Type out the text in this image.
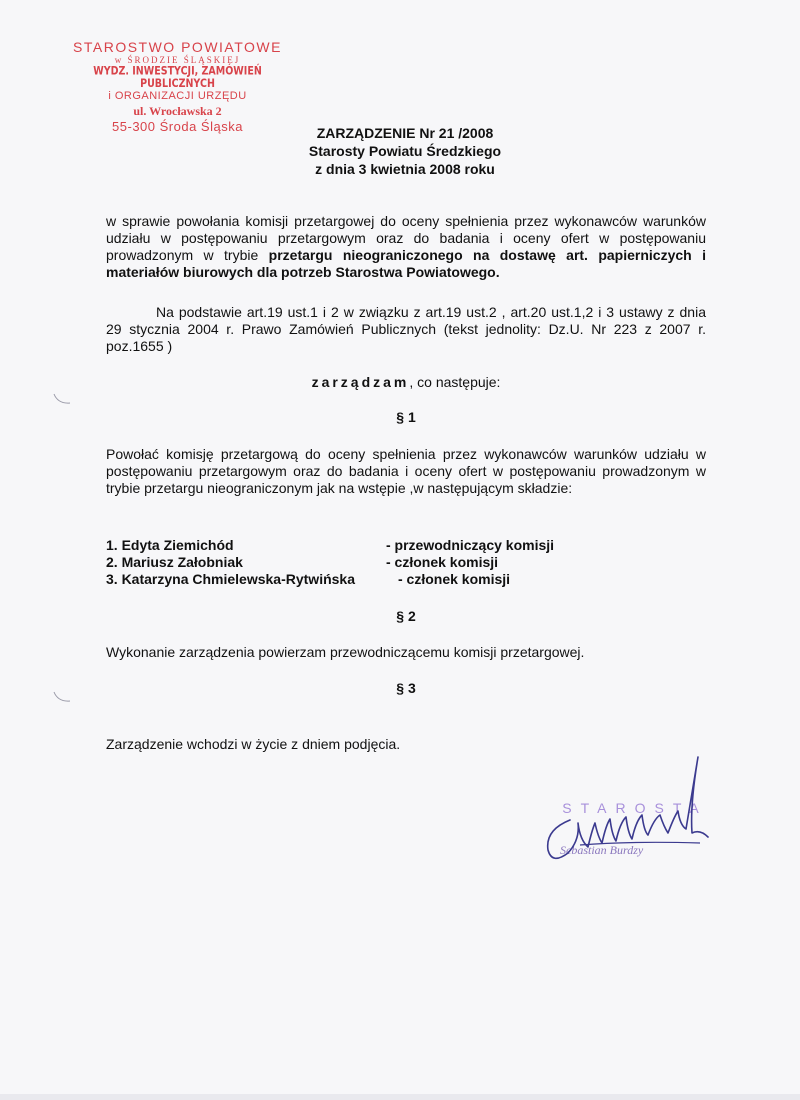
STAROSTWO POWIATOWE
w ŚRODZIE ŚLĄSKIEJ
WYDZ. INWESTYCJI, ZAMÓWIEŃ PUBLICZNYCH
i ORGANIZACJI URZĘDU
ul. Wrocławska 2
55-300 Środa Śląska	ZARZĄDZENIE Nr 21 /2008
Starosty Powiatu Średzkiego
z dnia 3 kwietnia 2008 roku
w sprawie powołania komisji przetargowej do oceny spełnienia przez wykonawców warunków udziału w postępowaniu przetargowym oraz do badania i oceny ofert w postępowaniu prowadzonym w trybie przetargu nieograniczonego na dostawę art. papierniczych i materiałów biurowych dla potrzeb Starostwa Powiatowego.
Na podstawie art.19 ust.1 i 2 w związku z art.19 ust.2 , art.20 ust.1,2 i 3 ustawy z dnia 29 stycznia 2004 r. Prawo Zamówień Publicznych (tekst jednolity: Dz.U. Nr 223 z 2007 r. poz.1655 )
zarządzam, co następuje:
§ 1
Powołać komisję przetargową do oceny spełnienia przez wykonawców warunków udziału w postępowaniu przetargowym oraz do badania i oceny ofert w postępowaniu prowadzonym w trybie przetargu nieograniczonym jak na wstępie ,w następującym składzie:
1. Edyta Ziemichód	- przewodniczący komisji
2. Mariusz Załobniak	- członek komisji
3. Katarzyna Chmielewska-Rytwińska	- członek komisji
§ 2
Wykonanie zarządzenia powierzam przewodniczącemu komisji przetargowej.
§ 3
Zarządzenie wchodzi w życie z dniem podjęcia.
STAROSTA
Sebastian Burdzy
